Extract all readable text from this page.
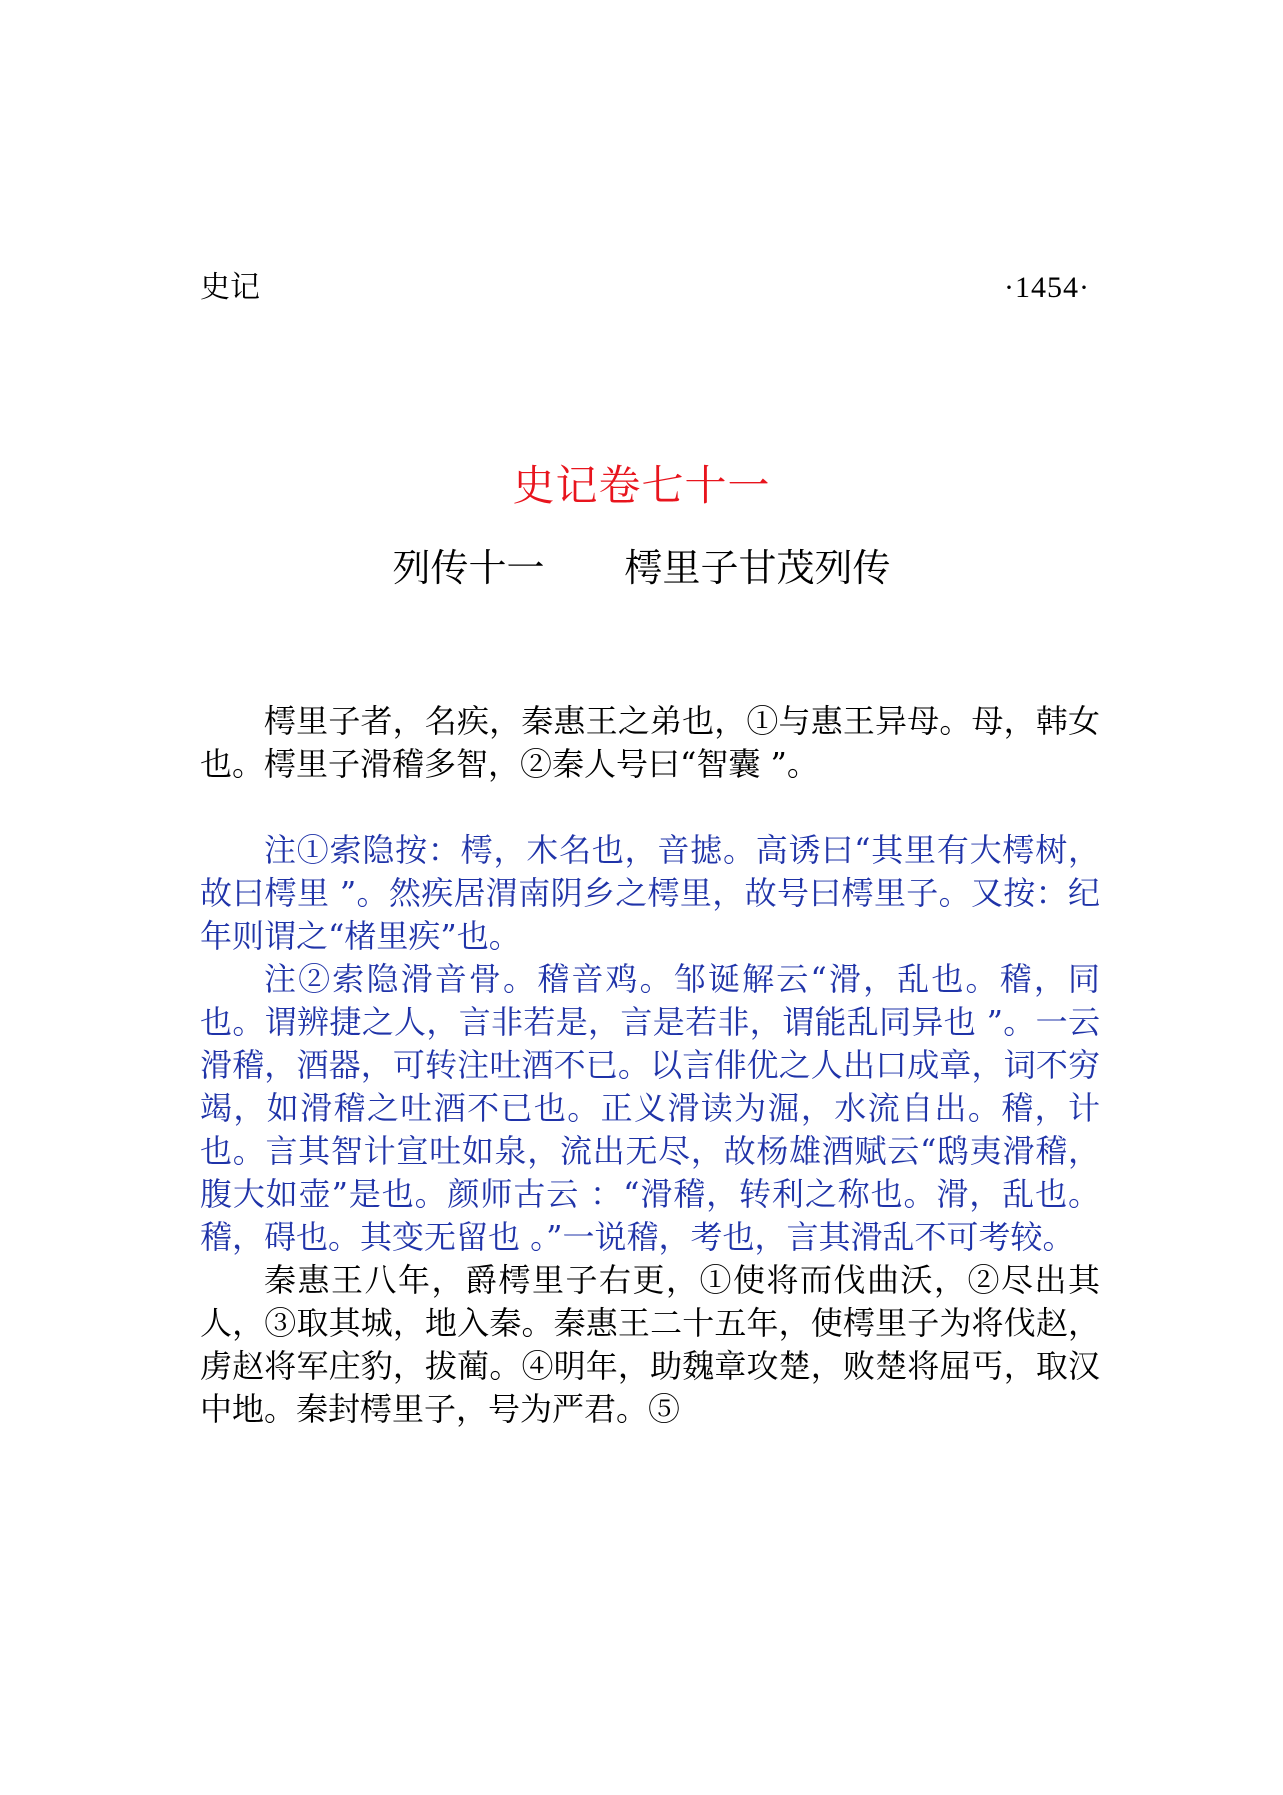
史记	·1454·
史记卷七十一
列传十一 樗里子甘茂列传

樗里子者，名疾，秦惠王之弟也，①与惠王异母。母，韩女也。樗里子滑稽多智，②秦人号曰“智囊 ”。

注①索隐按：樗，木名也，音摅。高诱曰“其里有大樗树，故曰樗里 ”。然疾居渭南阴乡之樗里，故号曰樗里子。又按：纪年则谓之“楮里疾”也。

注②索隐滑音骨。稽音鸡。邹诞解云“滑，乱也。稽，同也。谓辨捷之人，言非若是，言是若非，谓能乱同异也 ”。一云滑稽，酒器，可转注吐酒不已。以言俳优之人出口成章，词不穷竭，如滑稽之吐酒不已也。正义滑读为淈，水流自出。稽，计也。言其智计宣吐如泉，流出无尽，故杨雄酒赋云“鸱夷滑稽，腹大如壶”是也。颜师古云 ：“滑稽，转利之称也。滑，乱也。稽，碍也。其变无留也 。”一说稽，考也，言其滑乱不可考较。

秦惠王八年，爵樗里子右更，①使将而伐曲沃，②尽出其人，③取其城，地入秦。秦惠王二十五年，使樗里子为将伐赵，虏赵将军庄豹，拔蔺。④明年，助魏章攻楚，败楚将屈丐，取汉中地。秦封樗里子，号为严君。⑤
